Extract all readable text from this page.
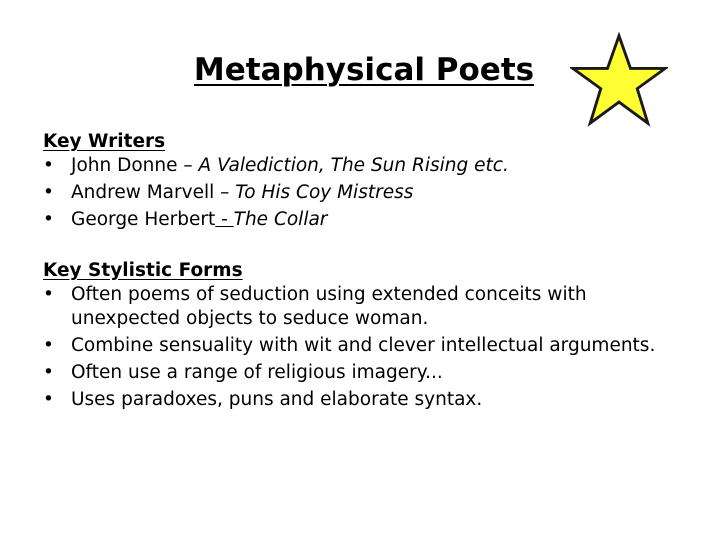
Metaphysical Poets
Key Writers
• John Donne – A Valediction, The Sun Rising etc.
• Andrew Marvell – To His Coy Mistress
• George Herbert - The Collar
Key Stylistic Forms
• Often poems of seduction using extended conceits with unexpected objects to seduce woman.
• Combine sensuality with wit and clever intellectual arguments.
• Often use a range of religious imagery...
• Uses paradoxes, puns and elaborate syntax.
